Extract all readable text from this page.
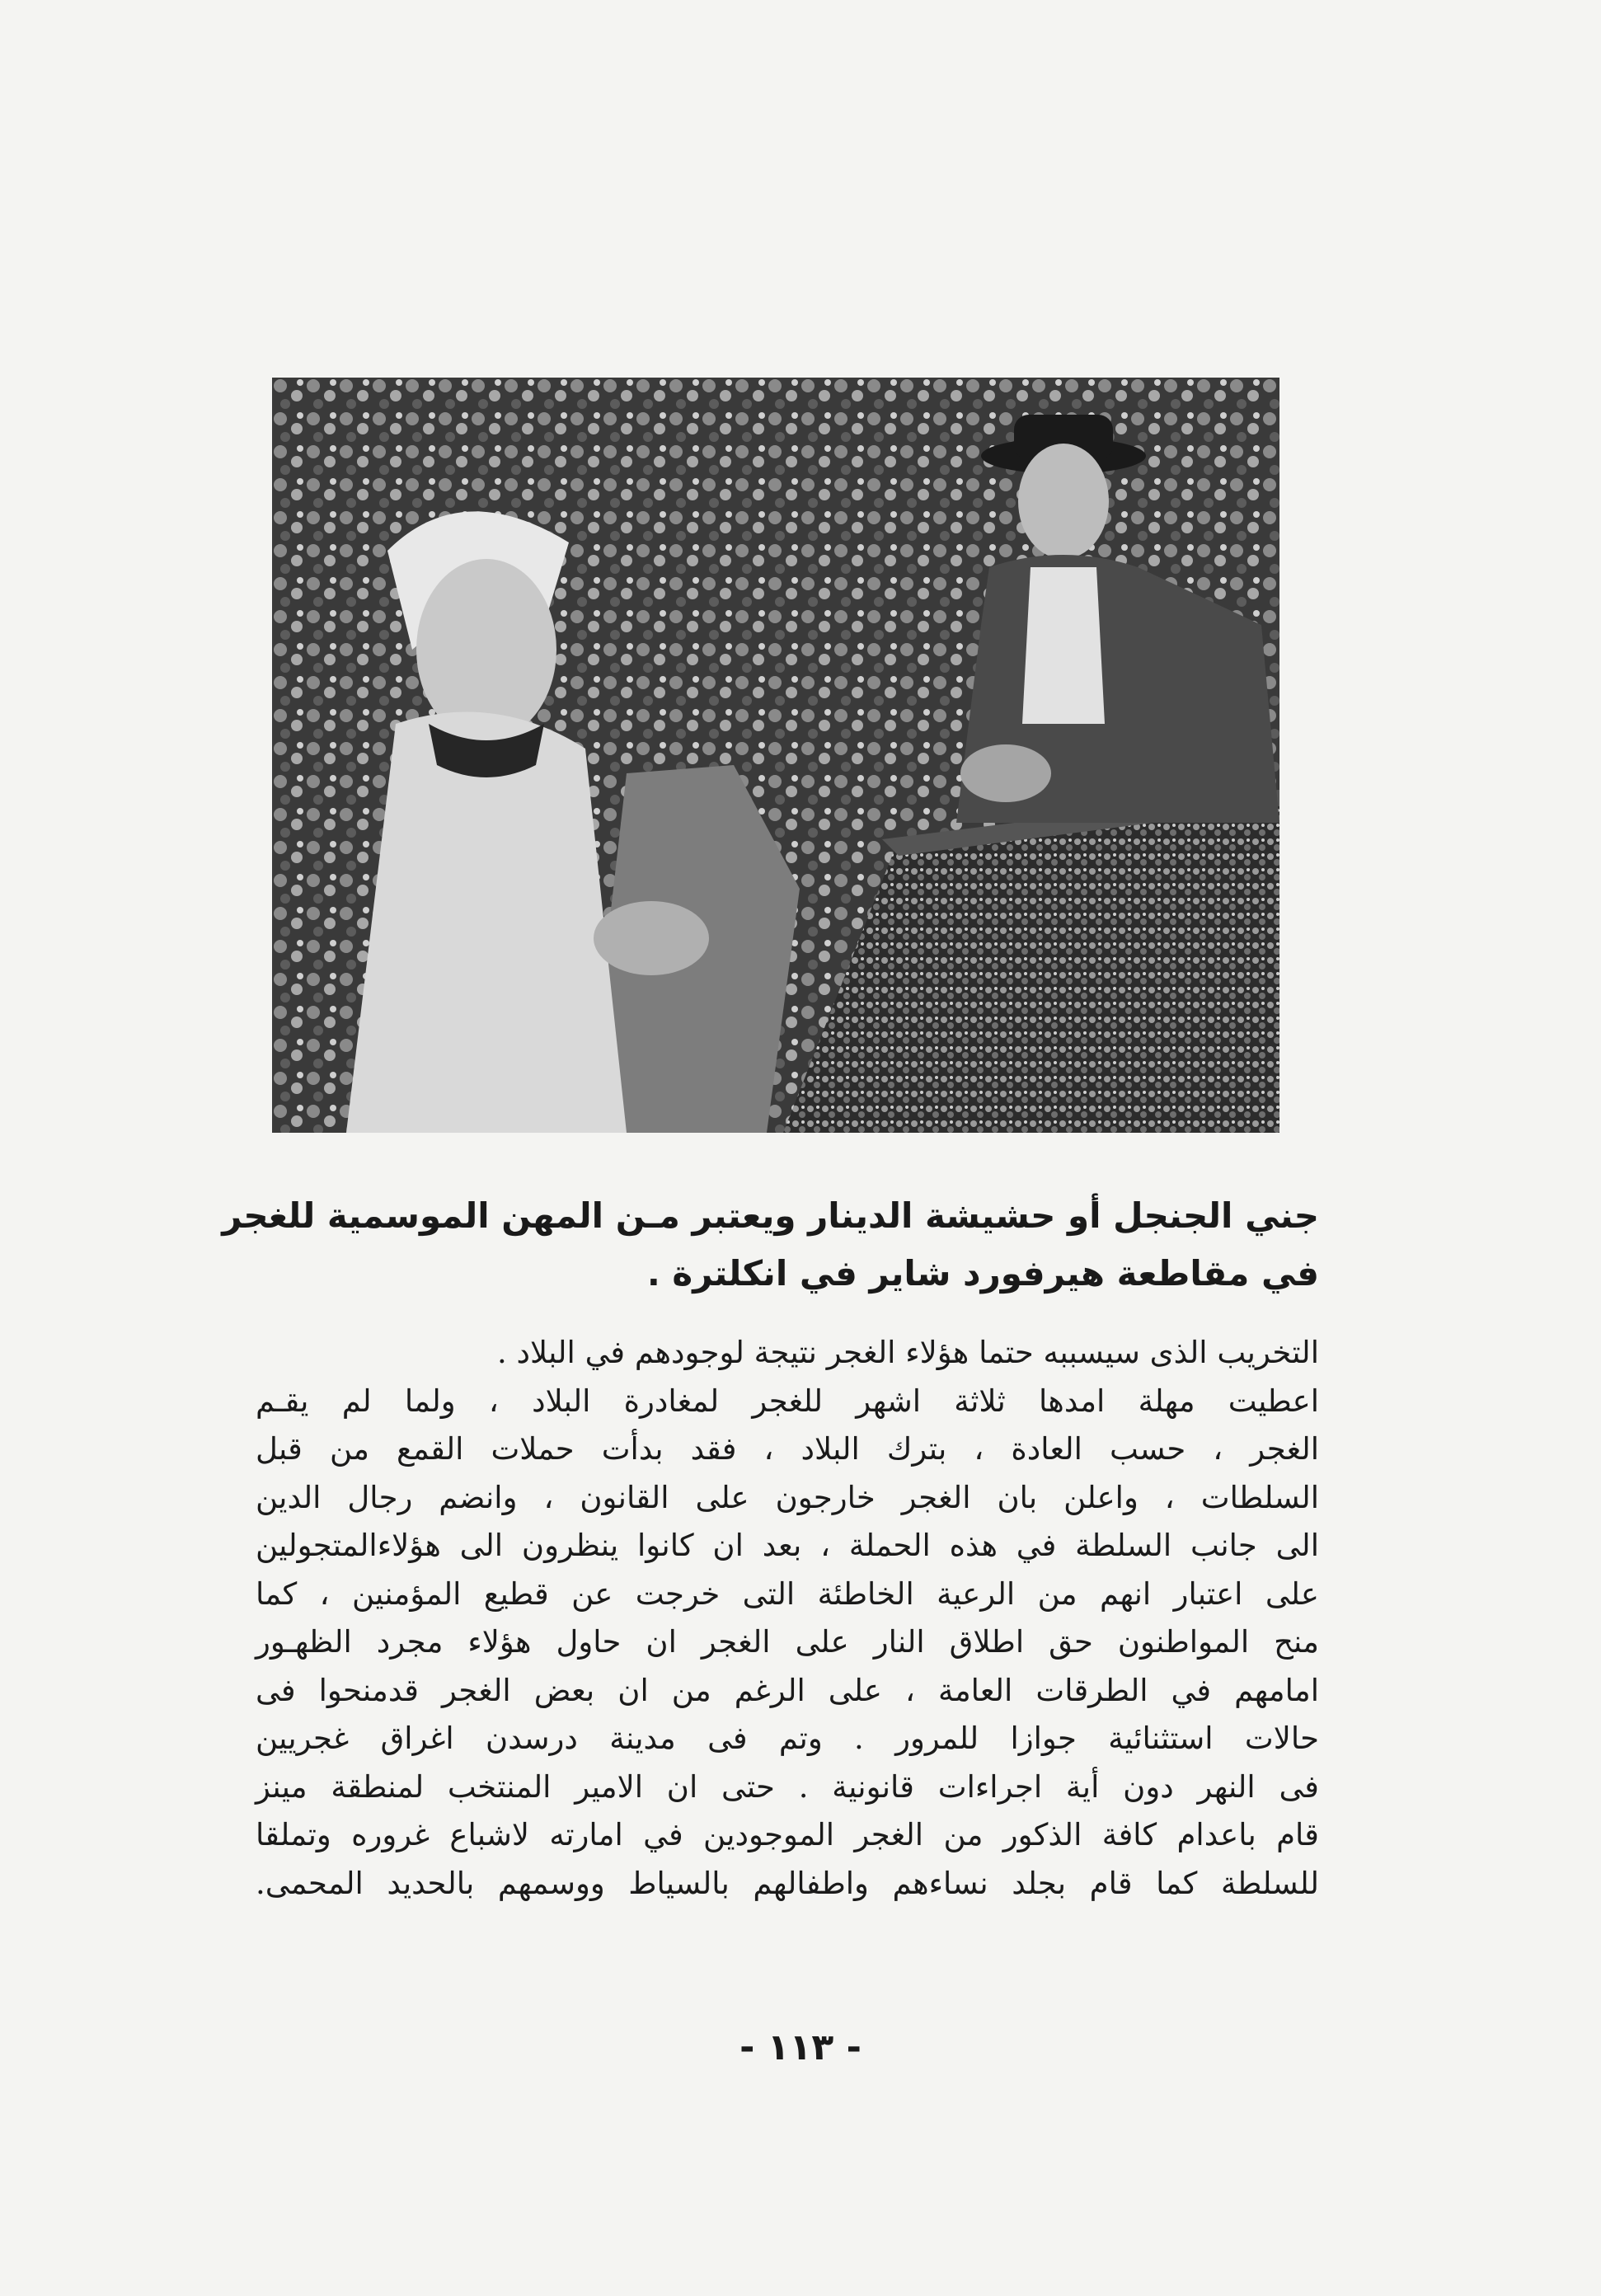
جني الجنجل أو حشيشة الدينار ويعتبر مـن المهن الموسمية للغجر
في مقاطعة هيرفورد شاير في انكلترة .
التخريب الذى سيسببه حتما هؤلاء الغجر نتيجة لوجودهم في البلاد .
اعطيت مهلة امدها ثلاثة اشهر للغجر لمغادرة البلاد ، ولما لم يقـم
الغجر ، حسب العادة ، بترك البلاد ، فقد بدأت حملات القمع من قبل
السلطات ، واعلن بان الغجر خارجون على القانون ، وانضم رجال الدين
الى جانب السلطة في هذه الحملة ، بعد ان كانوا ينظرون الى هؤلاءالمتجولين
على اعتبار انهم من الرعية الخاطئة التى خرجت عن قطيع المؤمنين ، كما
منح المواطنون حق اطلاق النار على الغجر ان حاول هؤلاء مجرد الظهـور
امامهم في الطرقات العامة ، على الرغم من ان بعض الغجر قدمنحوا فى
حالات استثنائية جوازا للمرور . وتم فى مدينة درسدن اغراق غجريين
فى النهر دون أية اجراءات قانونية . حتى ان الامير المنتخب لمنطقة مينز
قام باعدام كافة الذكور من الغجر الموجودين في امارته لاشباع غروره وتملقا
للسلطة كما قام بجلد نساءهم واطفالهم بالسياط ووسمهم بالحديد المحمى.
- ١١٣ -
